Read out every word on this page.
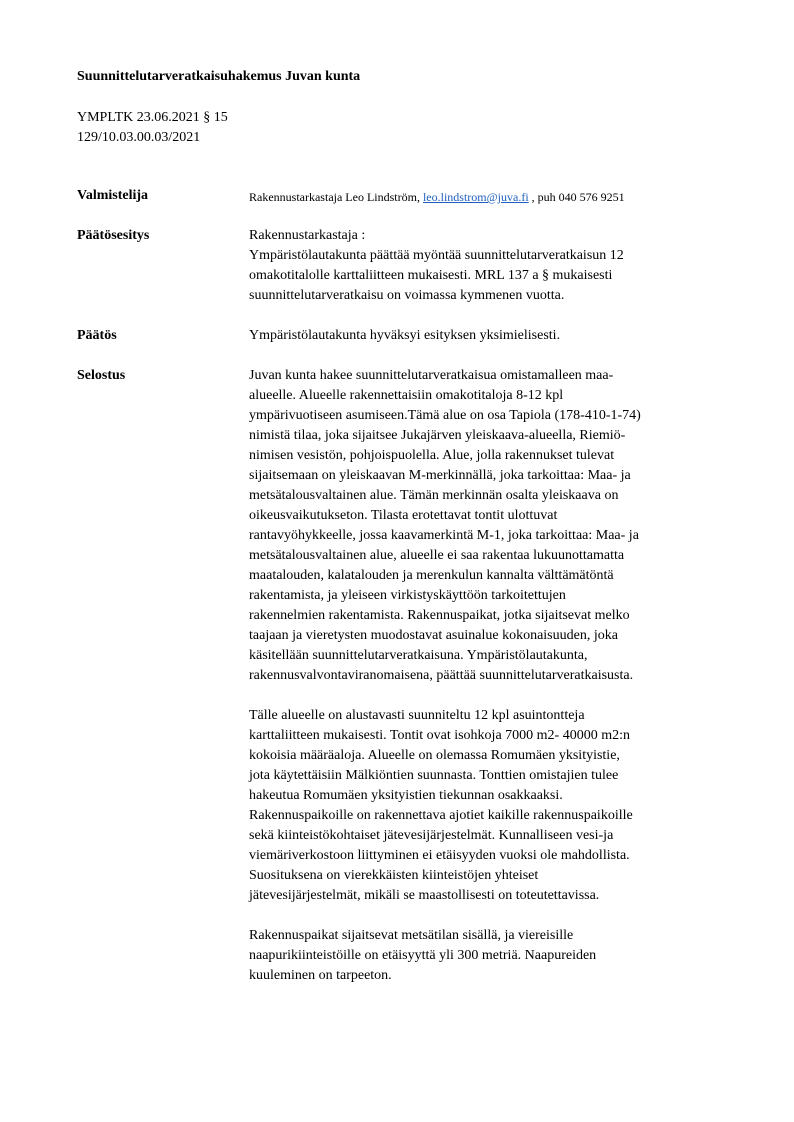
Suunnittelutarveratkaisuhakemus Juvan kunta
YMPLTK 23.06.2021 § 15
129/10.03.00.03/2021
Valmistelija	Rakennustarkastaja Leo Lindström, leo.lindstrom@juva.fi , puh 040 576 9251
Päätösesitys	Rakennustarkastaja :
Ympäristölautakunta päättää myöntää suunnittelutarveratkaisun 12
omakotitalolle karttaliitteen mukaisesti. MRL 137 a § mukaisesti
suunnittelutarveratkaisu on voimassa kymmenen vuotta.
Päätös	Ympäristölautakunta hyväksyi esityksen yksimielisesti.
Selostus	Juvan kunta hakee suunnittelutarveratkaisua omistamalleen maa-
alueelle. Alueelle rakennettaisiin omakotitaloja 8-12 kpl
ympärivuotiseen asumiseen.Tämä alue on osa Tapiola (178-410-1-74)
nimistä tilaa, joka sijaitsee Jukajärven yleiskaava-alueella, Riemiö-
nimisen vesistön, pohjoispuolella. Alue, jolla rakennukset tulevat
sijaitsemaan on yleiskaavan M-merkinnällä, joka tarkoittaa: Maa- ja
metsätalousvaltainen alue. Tämän merkinnän osalta yleiskaava on
oikeusvaikutukseton. Tilasta erotettavat tontit ulottuvat
rantavyöhykkeelle, jossa kaavamerkintä M-1, joka tarkoittaa: Maa- ja
metsätalousvaltainen alue, alueelle ei saa rakentaa lukuunottamatta
maatalouden, kalatalouden ja merenkulun kannalta välttämätöntä
rakentamista, ja yleiseen virkistyskäyttöön tarkoitettujen
rakennelmien rakentamista. Rakennuspaikat, jotka sijaitsevat melko
taajaan ja vieretysten muodostavat asuinalue kokonaisuuden, joka
käsitellään suunnittelutarveratkaisuna. Ympäristölautakunta,
rakennusvalvontaviranomaisena, päättää suunnittelutarveratkaisusta.
Tälle alueelle on alustavasti suunniteltu 12 kpl asuintontteja
karttaliitteen mukaisesti. Tontit ovat isohkoja 7000 m2- 40000 m2:n
kokoisia määräaloja. Alueelle on olemassa Romumäen yksityistie,
jota käytettäisiin Mälkiöntien suunnasta. Tonttien omistajien tulee
hakeutua Romumäen yksityistien tiekunnan osakkaaksi.
Rakennuspaikoille on rakennettava ajotiet kaikille rakennuspaikoille
sekä kiinteistökohtaiset jätevesijärjestelmät. Kunnalliseen vesi-ja
viemäriverkostoon liittyminen ei etäisyyden vuoksi ole mahdollista.
Suosituksena on vierekkäisten kiinteistöjen yhteiset
jätevesijärjestelmät, mikäli se maastollisesti on toteutettavissa.
Rakennuspaikat sijaitsevat metsätilan sisällä, ja viereisille
naapurikiinteistöille on etäisyyttä yli 300 metriä. Naapureiden
kuuleminen on tarpeeton.
